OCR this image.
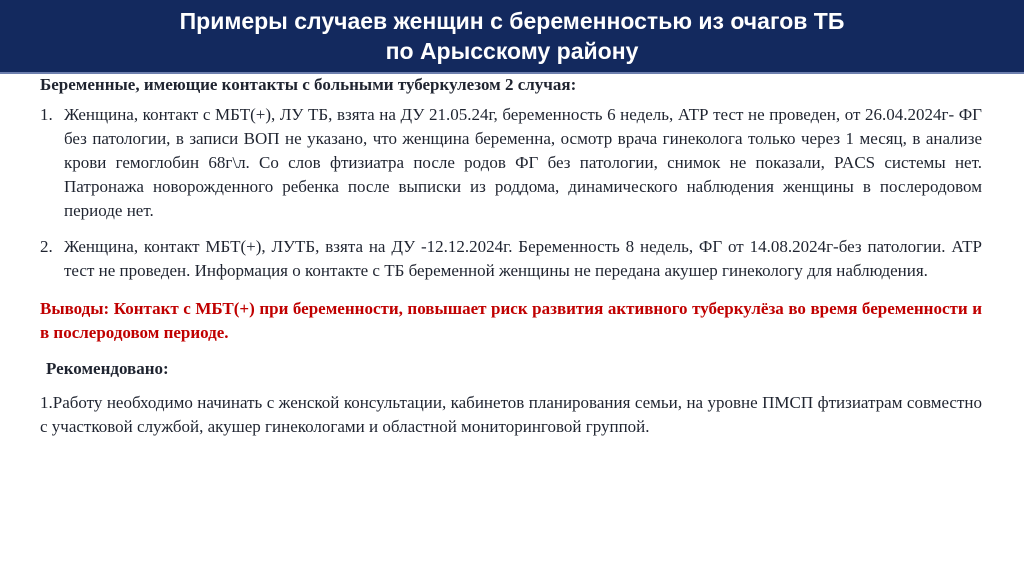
Примеры случаев женщин с беременностью из очагов ТБ
по Арысскому району

Беременные, имеющие контакты с больными туберкулезом 2 случая:

1. Женщина, контакт с МБТ(+), ЛУ ТБ, взята на ДУ 21.05.24г, беременность 6 недель, АТР тест не проведен, от 26.04.2024г- ФГ без патологии, в записи ВОП не указано, что женщина беременна, осмотр врача гинеколога только через 1 месяц, в анализе крови гемоглобин 68г\л. Со слов фтизиатра после родов ФГ без патологии, снимок не показали, PACS системы нет. Патронажа новорожденного ребенка после выписки из роддома, динамического наблюдения женщины в послеродовом периоде нет.
2. Женщина, контакт МБТ(+), ЛУТБ, взята на ДУ -12.12.2024г. Беременность 8 недель, ФГ от 14.08.2024г-без патологии. АТР тест не проведен. Информация о контакте с ТБ беременной женщины не передана акушер гинекологу для наблюдения.
Выводы: Контакт с МБТ(+) при беременности, повышает риск развития активного туберкулёза во время беременности и в послеродовом периоде.
Рекомендовано:
1.Работу необходимо начинать с женской консультации, кабинетов планирования семьи, на уровне ПМСП фтизиатрам совместно с участковой службой, акушер гинекологами и областной мониторинговой группой.
